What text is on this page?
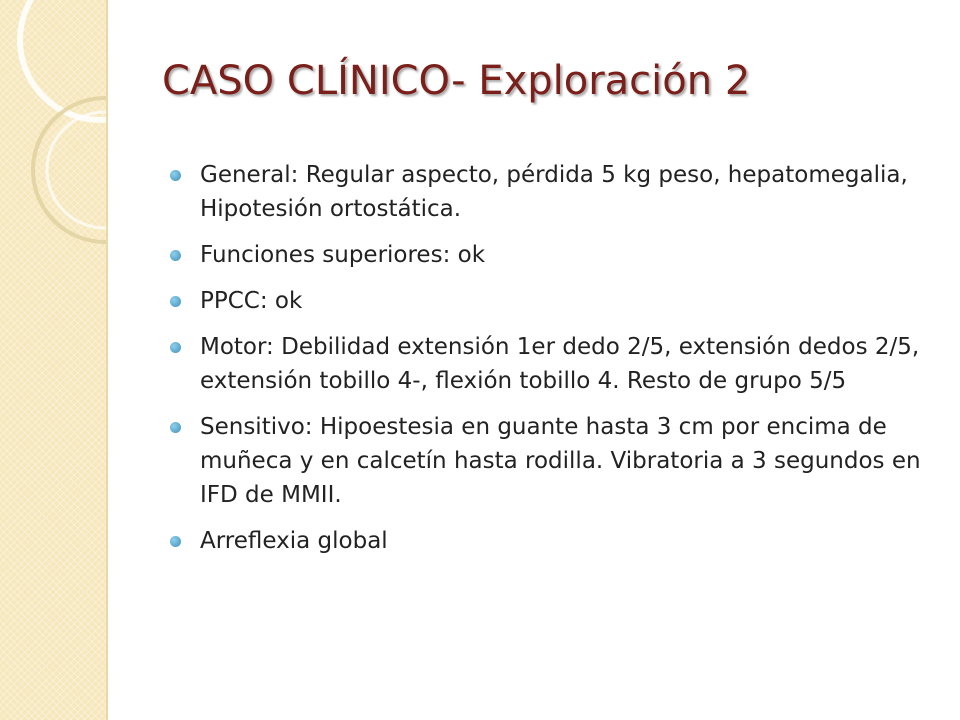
CASO CLÍNICO- Exploración 2
General: Regular aspecto, pérdida 5 kg peso, hepatomegalia, Hipotesión ortostática.
Funciones superiores: ok
PPCC: ok
Motor: Debilidad extensión 1er dedo 2/5, extensión dedos 2/5, extensión tobillo 4-, flexión tobillo 4. Resto de grupo 5/5
Sensitivo: Hipoestesia en guante hasta 3 cm por encima de muñeca y en calcetín hasta rodilla. Vibratoria a 3 segundos en IFD de MMII.
Arreflexia global
